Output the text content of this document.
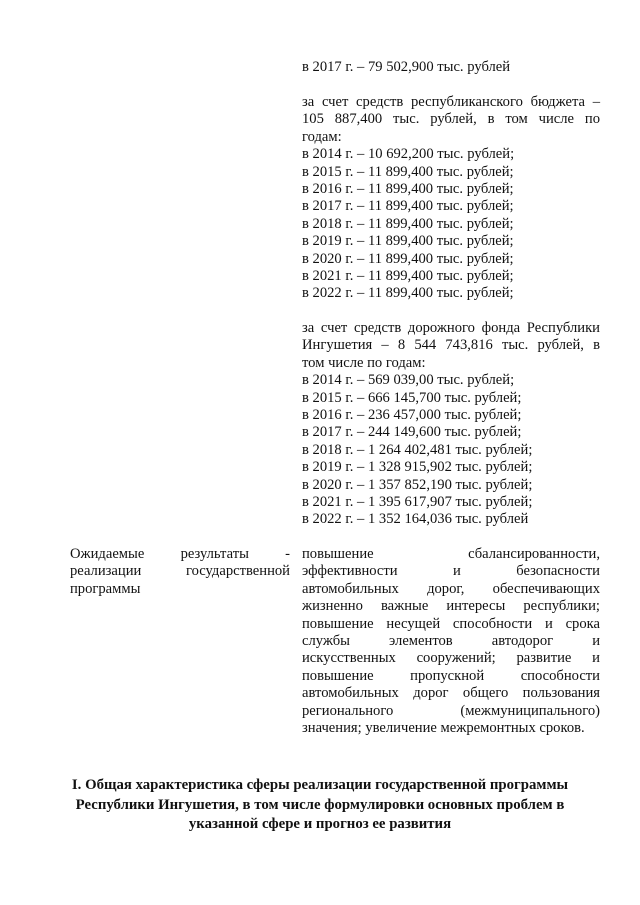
в 2017 г. – 79 502,900 тыс. рублей
за счет средств республиканского бюджета –
105 887,400 тыс. рублей, в том числе по
годам:
в 2014 г. – 10 692,200 тыс. рублей;
в 2015 г. – 11 899,400 тыс. рублей;
в 2016 г. – 11 899,400 тыс. рублей;
в 2017 г. – 11 899,400 тыс. рублей;
в 2018 г. – 11 899,400 тыс. рублей;
в 2019 г. – 11 899,400 тыс. рублей;
в 2020 г. – 11 899,400 тыс. рублей;
в 2021 г. – 11 899,400 тыс. рублей;
в 2022 г. – 11 899,400 тыс. рублей;
за счет средств дорожного фонда Республики
Ингушетия – 8 544 743,816 тыс. рублей, в
том числе по годам:
в 2014 г. – 569 039,00 тыс. рублей;
в 2015 г. – 666 145,700 тыс. рублей;
в 2016 г. – 236 457,000 тыс. рублей;
в 2017 г. – 244 149,600 тыс. рублей;
в 2018 г. – 1 264 402,481 тыс. рублей;
в 2019 г. – 1 328 915,902 тыс. рублей;
в 2020 г. – 1 357 852,190 тыс. рублей;
в 2021 г. – 1 395 617,907 тыс. рублей;
в 2022 г. – 1 352 164,036 тыс. рублей
Ожидаемые результаты -
реализации государственной
программы
повышение сбалансированности,
эффективности и безопасности
автомобильных дорог, обеспечивающих
жизненно важные интересы республики;
повышение несущей способности и срока
службы элементов автодорог и
искусственных сооружений; развитие и
повышение пропускной способности
автомобильных дорог общего пользования
регионального (межмуниципального)
значения; увеличение межремонтных сроков.
I. Общая характеристика сферы реализации государственной программы
Республики Ингушетия, в том числе формулировки основных проблем в
указанной сфере и прогноз ее развития
